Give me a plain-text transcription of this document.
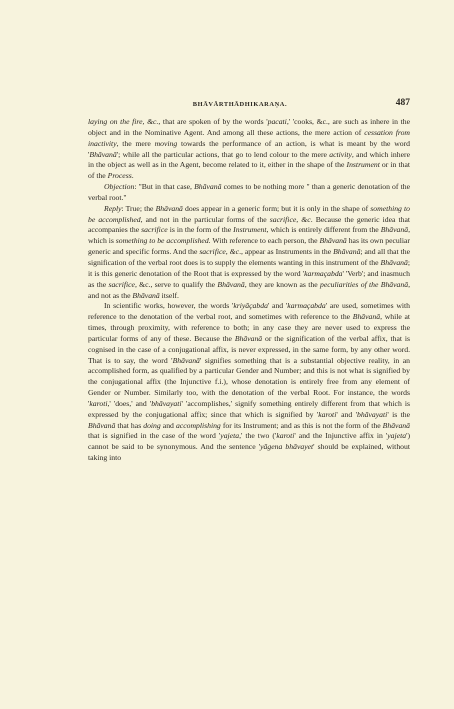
BHĀVĀRTHĀDHIKARAṆA.	487

laying on the fire, &c., that are spoken of by the words 'pacati,' 'cooks, &c., are such as inhere in the object and in the Nominative Agent. And among all these actions, the mere action of cessation from inactivity, the mere moving towards the performance of an action, is what is meant by the word 'Bhāvanā'; while all the particular actions, that go to lend colour to the mere activity, and which inhere in the object as well as in the Agent, become related to it, either in the shape of the Instrument or in that of the Process.

Objection: "But in that case, Bhāvanā comes to be nothing more " than a generic denotation of the verbal root."

Reply: True; the Bhāvanā does appear in a generic form; but it is only in the shape of something to be accomplished, and not in the particular forms of the sacrifice, &c. Because the generic idea that accompanies the sacrifice is in the form of the Instrument, which is entirely different from the Bhāvanā, which is something to be accomplished. With reference to each person, the Bhāvanā has its own peculiar generic and specific forms. And the sacrifice, &c., appear as Instruments in the Bhāvanā; and all that the signification of the verbal root does is to supply the elements wanting in this instrument of the Bhāvanā; it is this generic denotation of the Root that is expressed by the word 'karmaçabda' 'Verb'; and inasmuch as the sacrifice, &c., serve to qualify the Bhāvanā, they are known as the peculiarities of the Bhāvanā, and not as the Bhāvanā itself.

In scientific works, however, the words 'kriyāçabda' and 'karmaçabda' are used, sometimes with reference to the denotation of the verbal root, and sometimes with reference to the Bhāvanā, while at times, through proximity, with reference to both; in any case they are never used to express the particular forms of any of these. Because the Bhāvanā or the signification of the verbal affix, that is cognised in the case of a conjugational affix, is never expressed, in the same form, by any other word. That is to say, the word 'Bhāvanā' signifies something that is a substantial objective reality, in an accomplished form, as qualified by a particular Gender and Number; and this is not what is signified by the conjugational affix (the Injunctive f.i.), whose denotation is entirely free from any element of Gender or Number. Similarly too, with the denotation of the verbal Root. For instance, the words 'karoti,' 'does,' and 'bhāvayati' 'accomplishes,' signify something entirely different from that which is expressed by the conjugational affix; since that which is signified by 'karoti' and 'bhāvayati' is the Bhāvanā that has doing and accomplishing for its Instrument; and as this is not the form of the Bhāvanā that is signified in the case of the word 'yajeta,' the two ('karoti' and the Injunctive affix in 'yajeta') cannot be said to be synonymous. And the sentence 'yāgena bhāvayet' should be explained, without taking into
